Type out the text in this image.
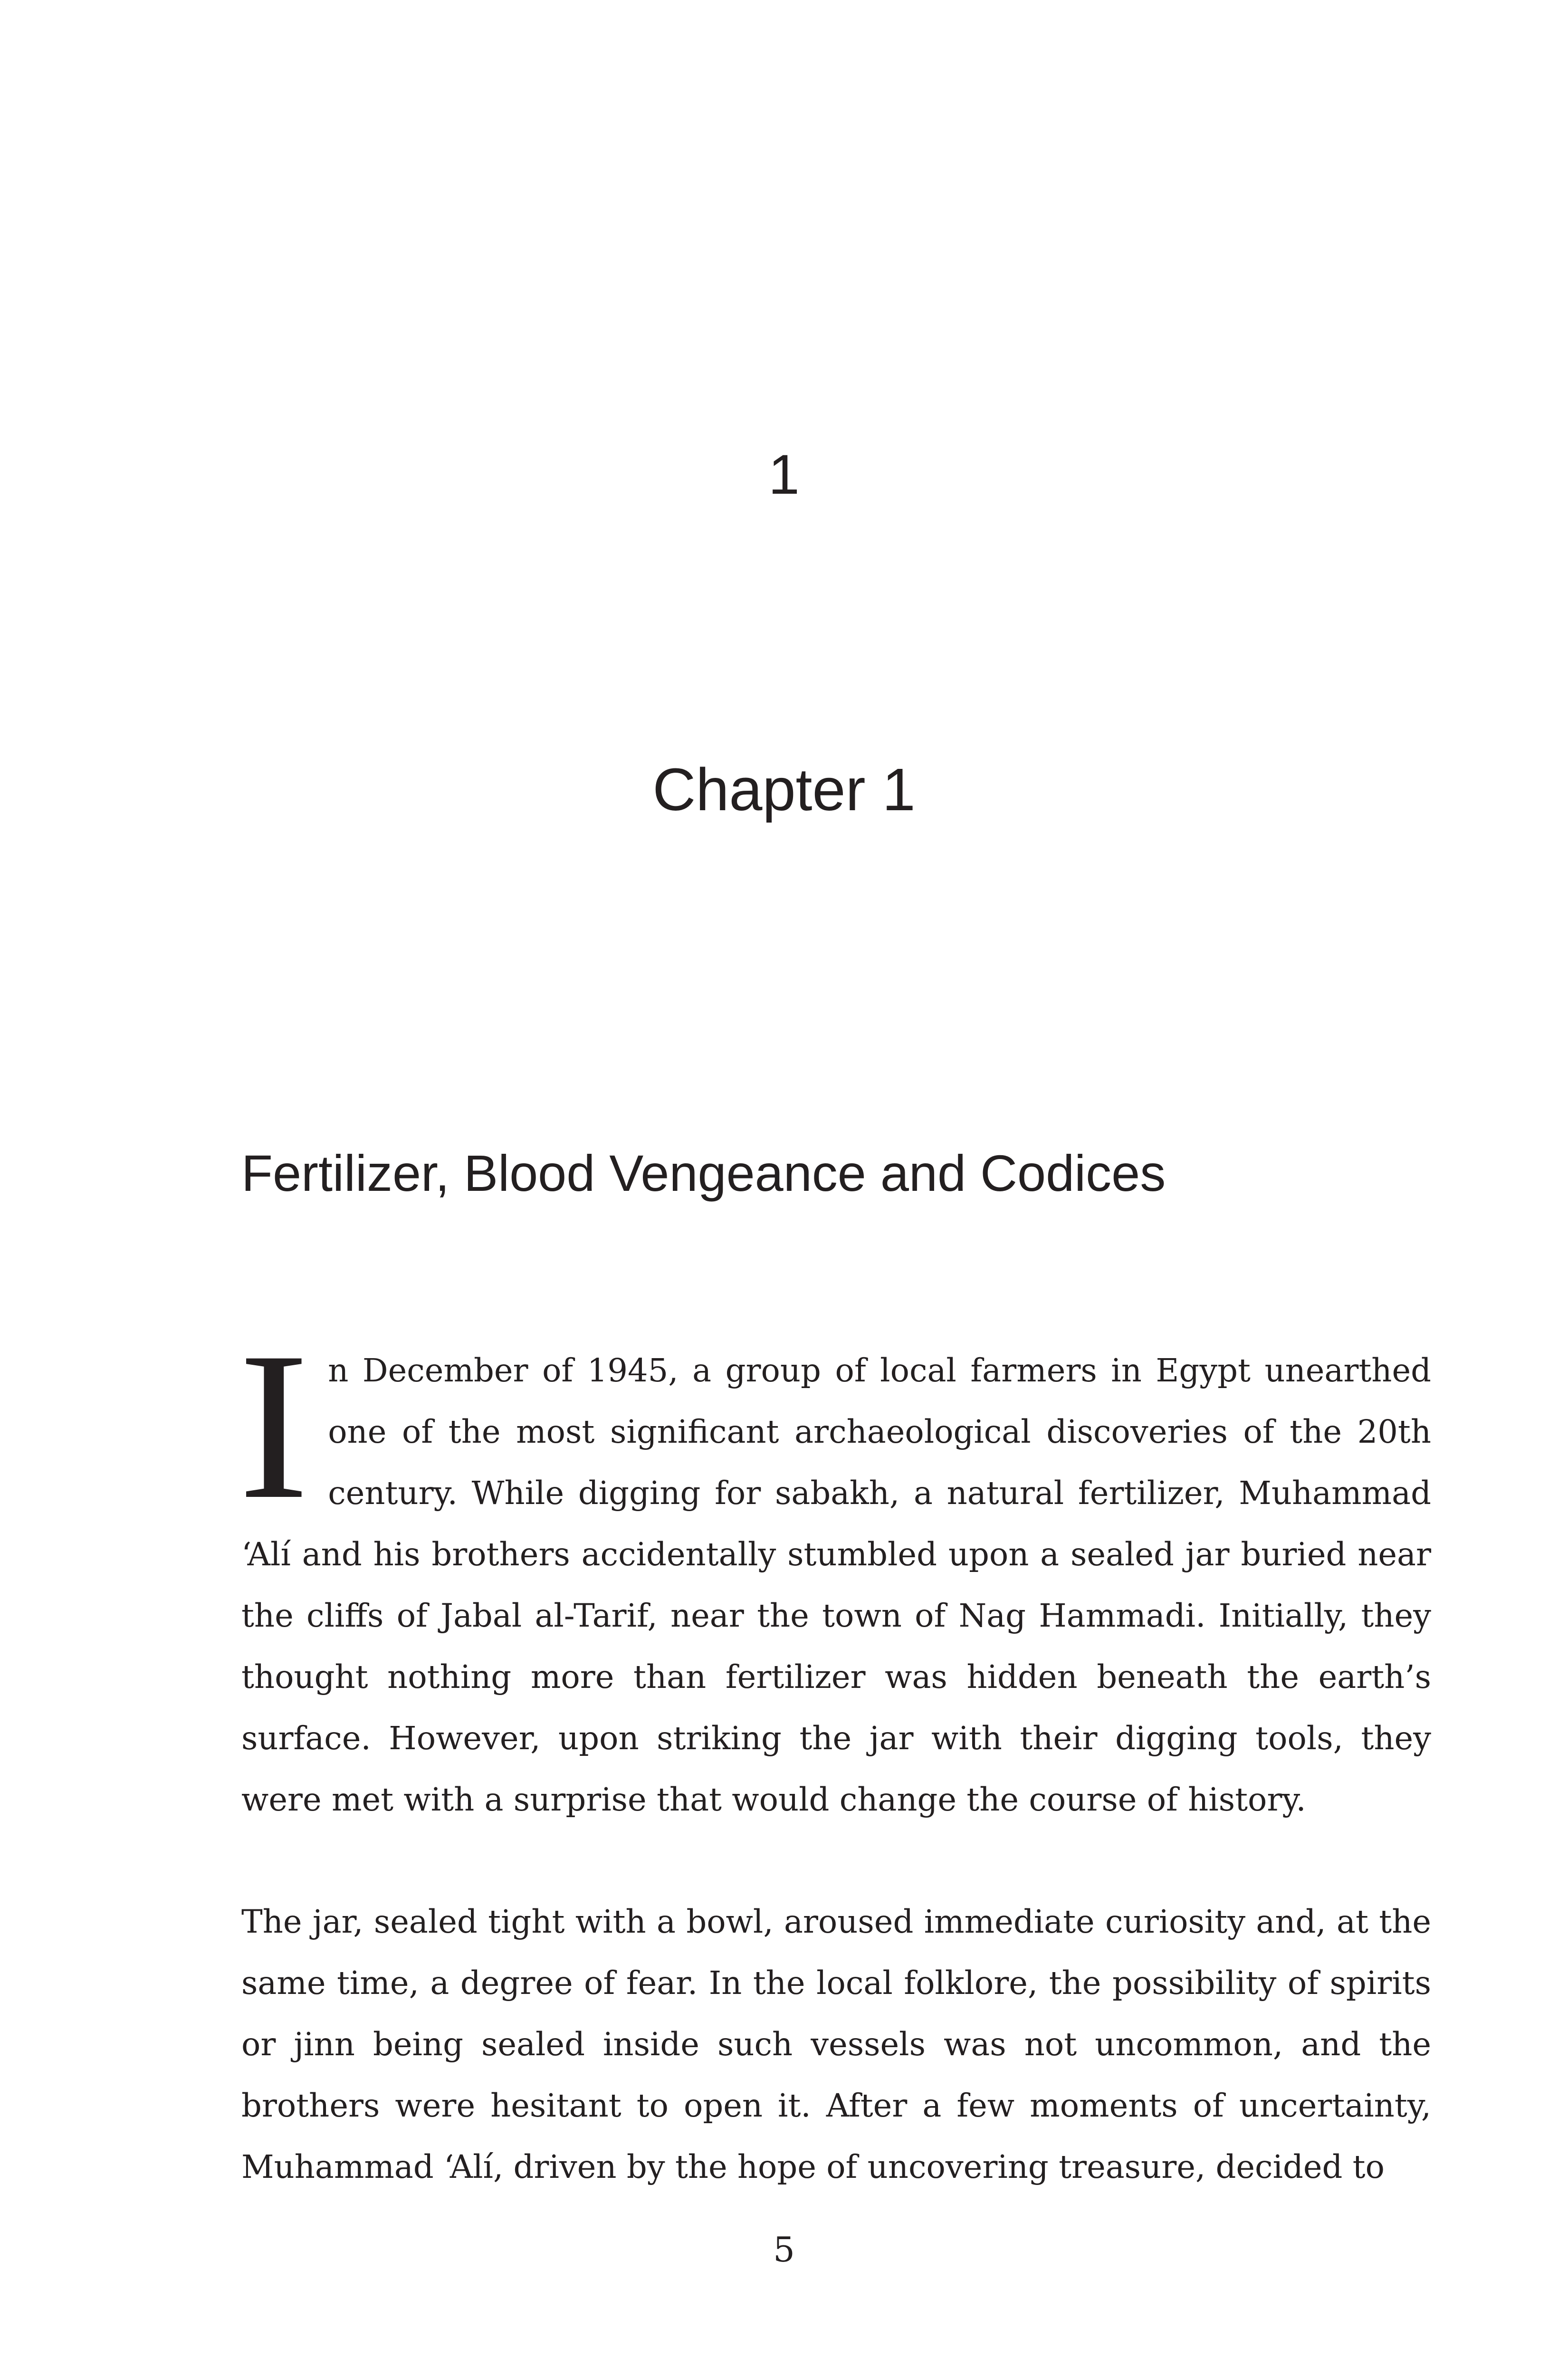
1
Chapter 1
Fertilizer, Blood Vengeance and Codices

In December of 1945, a group of local farmers in Egypt unearthed one of the most significant archaeological discoveries of the 20th century. While digging for sabakh, a natural fertilizer, Muhammad ‘Alí and his brothers accidentally stumbled upon a sealed jar buried near the cliffs of Jabal al-Tarif, near the town of Nag Hammadi. Initially, they thought nothing more than fertilizer was hidden beneath the earth’s surface. However, upon striking the jar with their digging tools, they were met with a surprise that would change the course of history.

The jar, sealed tight with a bowl, aroused immediate curiosity and, at the same time, a degree of fear. In the local folklore, the possibility of spirits or jinn being sealed inside such vessels was not uncommon, and the brothers were hesitant to open it. After a few moments of uncertainty, Muhammad ‘Alí, driven by the hope of uncovering treasure, decided to

5
